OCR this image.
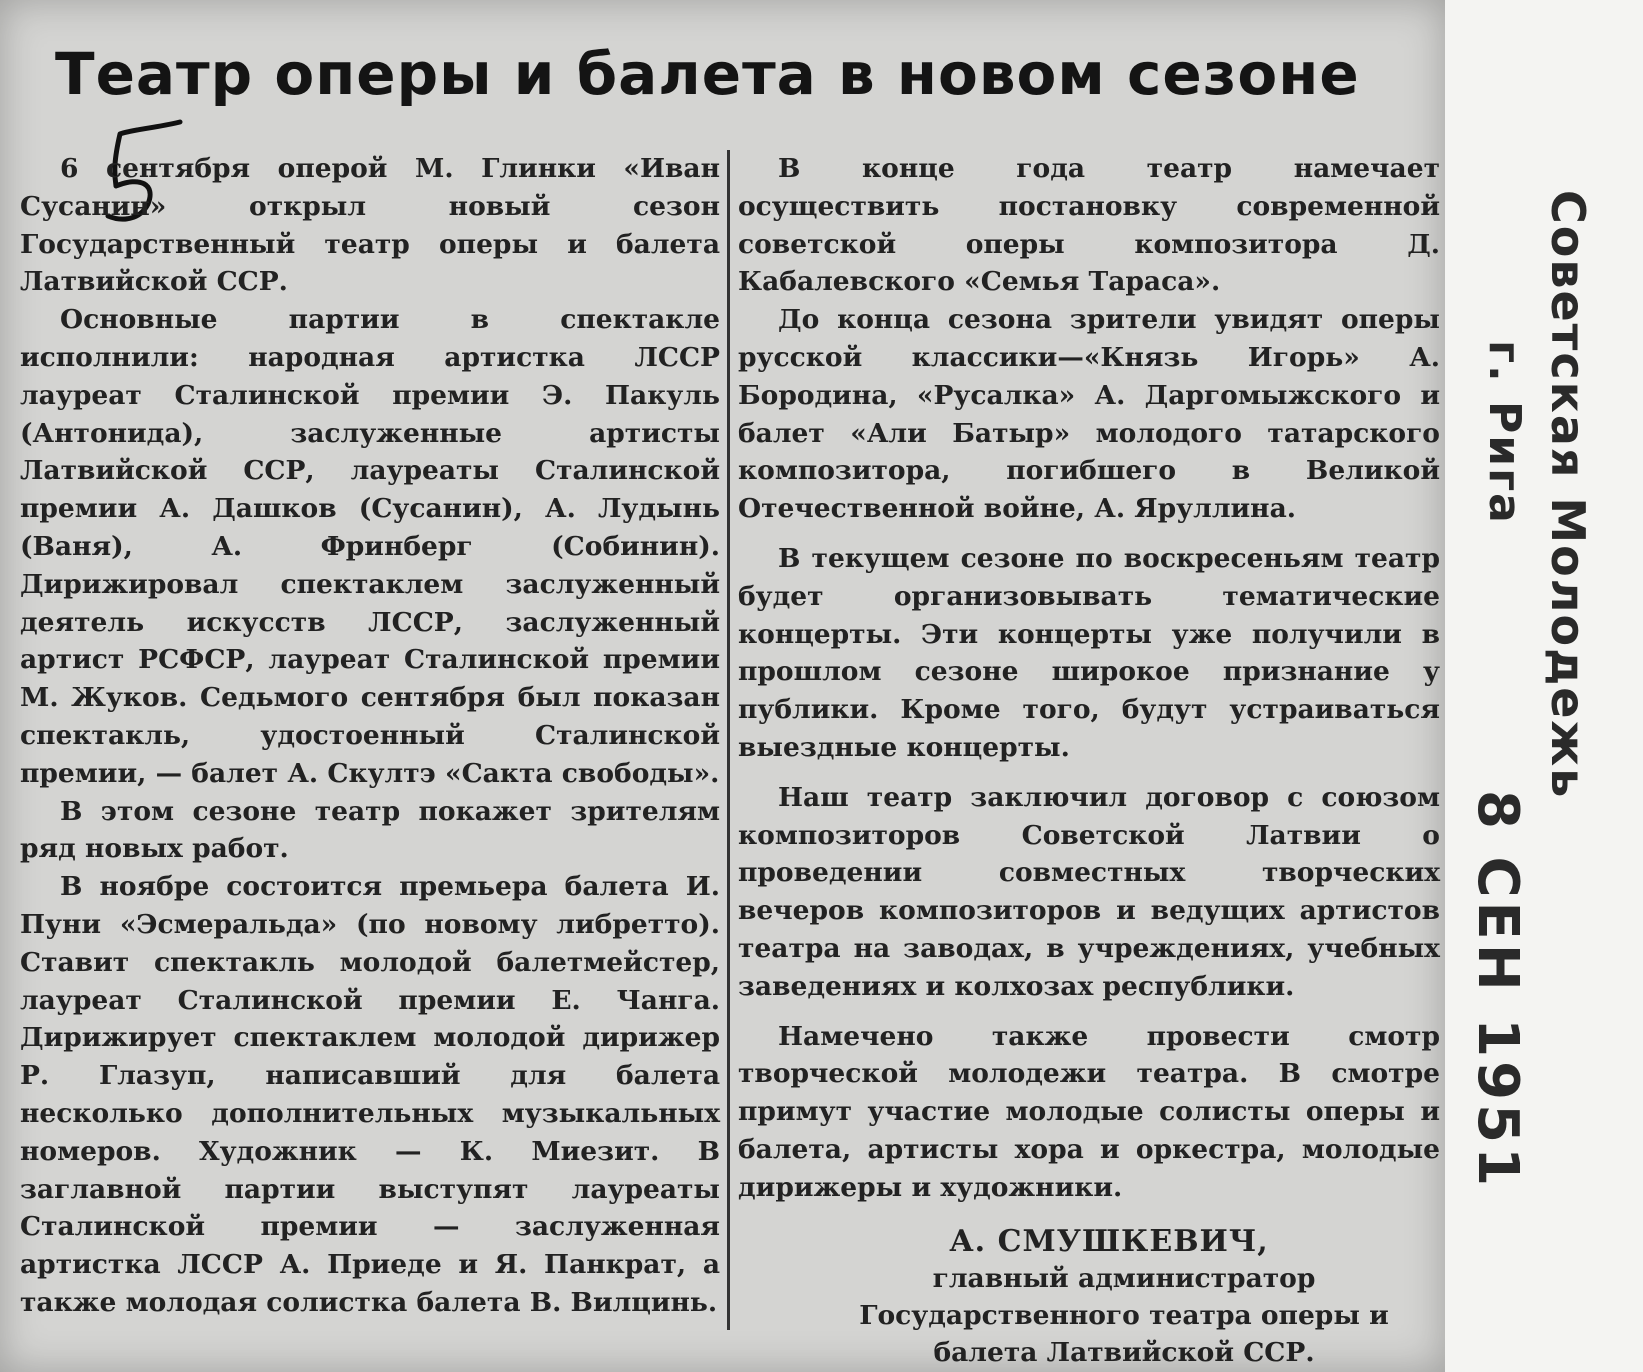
Театр оперы и балета в новом сезоне

6 сентября оперой М. Глинки «Иван Сусанин» открыл новый сезон Государственный театр оперы и балета Латвийской ССР.

Основные партии в спектакле исполнили: народная артистка ЛССР лауреат Сталинской премии Э. Пакуль (Антонида), заслуженные артисты Латвийской ССР, лауреаты Сталинской премии А. Дашков (Сусанин), А. Лудынь (Ваня), А. Фринберг (Собинин). Дирижировал спектаклем заслуженный деятель искусств ЛССР, заслуженный артист РСФСР, лауреат Сталинской премии М. Жуков. Седьмого сентября был показан спектакль, удостоенный Сталинской премии, — балет А. Скултэ «Сакта свободы».

В этом сезоне театр покажет зрителям ряд новых работ.

В ноябре состоится премьера балета И. Пуни «Эсмеральда» (по новому либретто). Ставит спектакль молодой балетмейстер, лауреат Сталинской премии Е. Чанга. Дирижирует спектаклем молодой дирижер Р. Глазуп, написавший для балета несколько дополнительных музыкальных номеров. Художник — К. Миезит. В заглавной партии выступят лауреаты Сталинской премии — заслуженная артистка ЛССР А. Приеде и Я. Панкрат, а также молодая солистка балета В. Вилцинь.

В конце года театр намечает осуществить постановку современной советской оперы композитора Д. Кабалевского «Семья Тараса».

До конца сезона зрители увидят оперы русской классики—«Князь Игорь» А. Бородина, «Русалка» А. Даргомыжского и балет «Али Батыр» молодого татарского композитора, погибшего в Великой Отечественной войне, А. Яруллина.

В текущем сезоне по воскресеньям театр будет организовывать тематические концерты. Эти концерты уже получили в прошлом сезоне широкое признание у публики. Кроме того, будут устраиваться выездные концерты.

Наш театр заключил договор с союзом композиторов Советской Латвии о проведении совместных творческих вечеров композиторов и ведущих артистов театра на заводах, в учреждениях, учебных заведениях и колхозах республики.

Намечено также провести смотр творческой молодежи театра. В смотре примут участие молодые солисты оперы и балета, артисты хора и оркестра, молодые дирижеры и художники.

А. СМУШКЕВИЧ,

главный администратор Государственного театра оперы и балета Латвийской ССР.

Советская Молодежь
г. Рига
8 СЕН 1951
